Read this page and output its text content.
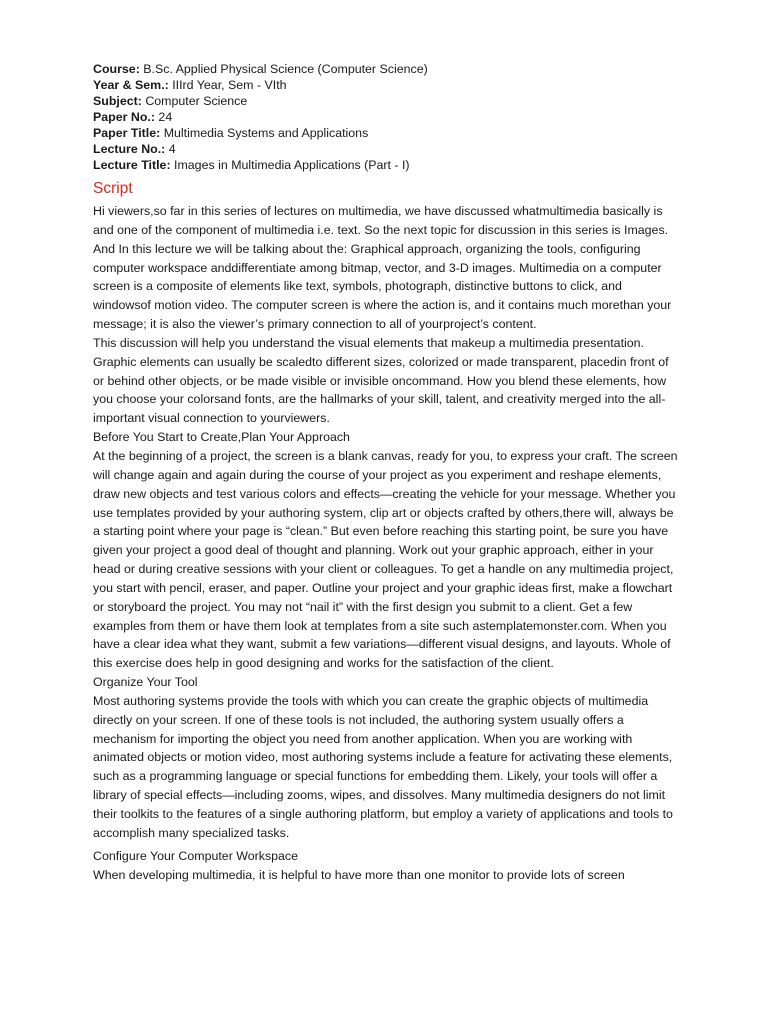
Course: B.Sc. Applied Physical Science (Computer Science)
Year & Sem.: IIIrd Year, Sem - VIth
Subject: Computer Science
Paper No.: 24
Paper Title: Multimedia Systems and Applications
Lecture No.: 4
Lecture Title: Images in Multimedia Applications (Part - I)
Script

Hi viewers,so far in this series of lectures on multimedia, we have discussed whatmultimedia basically is and one of the component of multimedia i.e. text. So the next topic for discussion in this series is Images. And In this lecture we will be talking about the: Graphical approach, organizing the tools, configuring computer workspace anddifferentiate among bitmap, vector, and 3-D images. Multimedia on a computer screen is a composite of elements like text, symbols, photograph, distinctive buttons to click, and windowsof motion video. The computer screen is where the action is, and it contains much morethan your message; it is also the viewer’s primary connection to all of yourproject’s content.

This discussion will help you understand the visual elements that makeup a multimedia presentation. Graphic elements can usually be scaledto different sizes, colorized or made transparent, placedin front of or behind other objects, or be made visible or invisible oncommand. How you blend these elements, how you choose your colorsand fonts, are the hallmarks of your skill, talent, and creativity merged into the all-important visual connection to yourviewers.

Before You Start to Create,Plan Your Approach

At the beginning of a project, the screen is a blank canvas, ready for you, to express your craft. The screen will change again and again during the course of your project as you experiment and reshape elements, draw new objects and test various colors and effects—creating the vehicle for your message. Whether you use templates provided by your authoring system, clip art or objects crafted by others,there will, always be a starting point where your page is “clean.” But even before reaching this starting point, be sure you have given your project a good deal of thought and planning. Work out your graphic approach, either in your head or during creative sessions with your client or colleagues. To get a handle on any multimedia project, you start with pencil, eraser, and paper. Outline your project and your graphic ideas first, make a flowchart or storyboard the project. You may not “nail it” with the first design you submit to a client. Get a few examples from them or have them look at templates from a site such astemplatemonster.com. When you have a clear idea what they want, submit a few variations—different visual designs, and layouts. Whole of this exercise does help in good designing and works for the satisfaction of the client.

Organize Your Tool

Most authoring systems provide the tools with which you can create the graphic objects of multimedia directly on your screen. If one of these tools is not included, the authoring system usually offers a mechanism for importing the object you need from another application. When you are working with animated objects or motion video, most authoring systems include a feature for activating these elements, such as a programming language or special functions for embedding them. Likely, your tools will offer a library of special effects—including zooms, wipes, and dissolves. Many multimedia designers do not limit their toolkits to the features of a single authoring platform, but employ a variety of applications and tools to accomplish many specialized tasks.

Configure Your Computer Workspace

When developing multimedia, it is helpful to have more than one monitor to provide lots of screen
